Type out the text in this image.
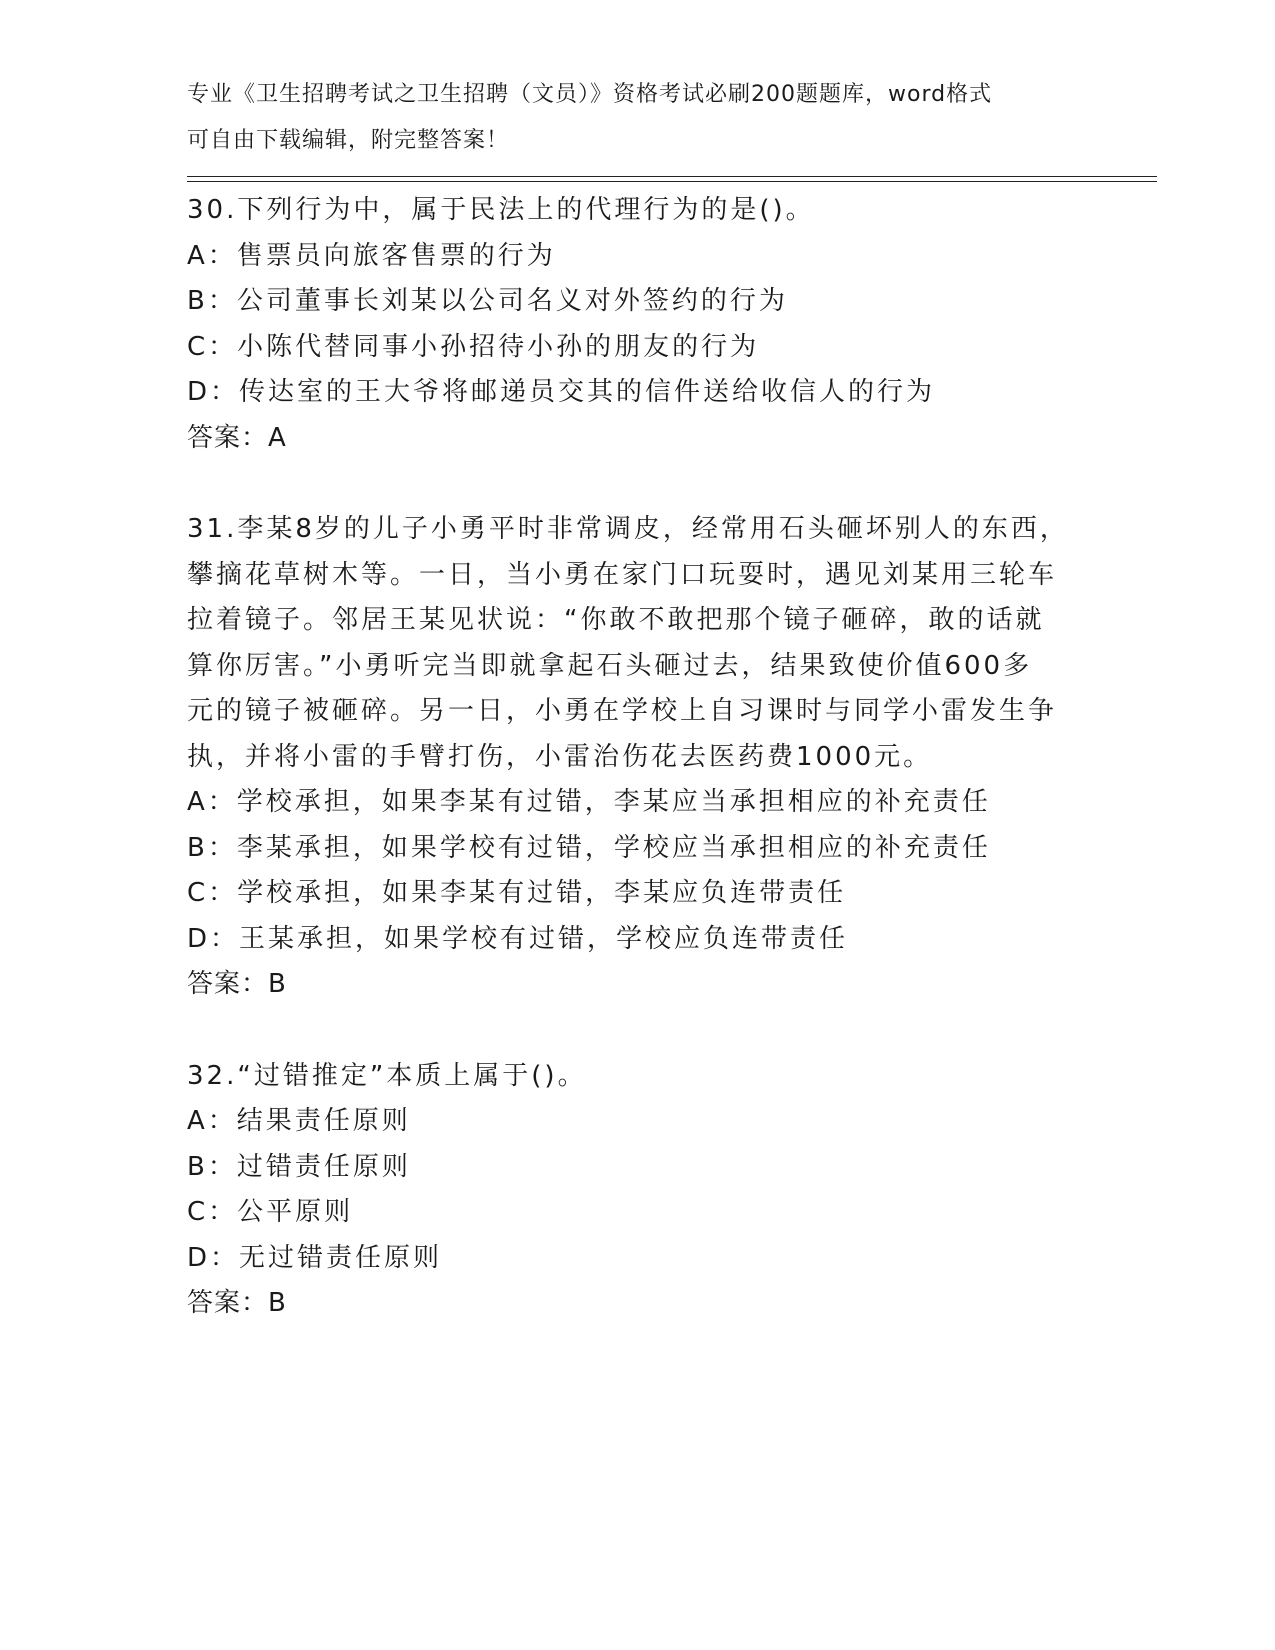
专业《卫生招聘考试之卫生招聘（文员）》资格考试必刷200题题库，word格式
可自由下载编辑，附完整答案！
30.下列行为中，属于民法上的代理行为的是()。
A：售票员向旅客售票的行为
B：公司董事长刘某以公司名义对外签约的行为
C：小陈代替同事小孙招待小孙的朋友的行为
D：传达室的王大爷将邮递员交其的信件送给收信人的行为
答案：A
31.李某8岁的儿子小勇平时非常调皮，经常用石头砸坏别人的东西，
攀摘花草树木等。一日，当小勇在家门口玩耍时，遇见刘某用三轮车
拉着镜子。邻居王某见状说：“你敢不敢把那个镜子砸碎，敢的话就
算你厉害。”小勇听完当即就拿起石头砸过去，结果致使价值600多
元的镜子被砸碎。另一日，小勇在学校上自习课时与同学小雷发生争
执，并将小雷的手臂打伤，小雷治伤花去医药费1000元。
A：学校承担，如果李某有过错，李某应当承担相应的补充责任
B：李某承担，如果学校有过错，学校应当承担相应的补充责任
C：学校承担，如果李某有过错，李某应负连带责任
D：王某承担，如果学校有过错，学校应负连带责任
答案：B
32.“过错推定”本质上属于()。
A：结果责任原则
B：过错责任原则
C：公平原则
D：无过错责任原则
答案：B
